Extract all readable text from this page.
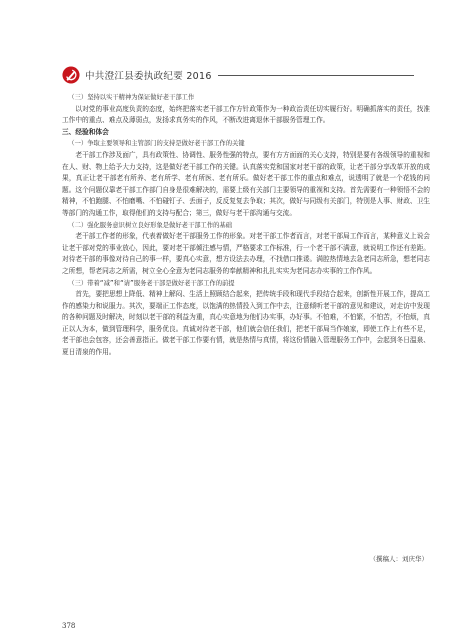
中共澄江县委执政纪要 2016

（三）坚持以实干精神为保证做好老干部工作

以对党的事业高度负责的态度，始终把落实老干部工作方针政策作为一种政治责任切实履行好。明确抓落实的责任，找准工作中的重点、难点及薄弱点，发扬求真务实的作风，不断改进离退休干部服务管理工作。

三、经验和体会

（一）争取主要领导和主管部门的支持是做好老干部工作的关键

老干部工作涉及面广，具有政策性、协调性、服务性强的特点，要有方方面面的关心支持，特别是要有各级领导的重视和在人、财、物上给予大力支持，这是做好老干部工作的关键。认真落实党和国家对老干部的政策，让老干部分享改革开放的成果，真正让老干部老有所养、老有所学、老有所医、老有所乐。做好老干部工作的重点和难点，说透明了就是一个花钱的问题。这个问题仅靠老干部工作部门自身是很难解决的，需要上级有关部门主要领导的重视和支持。首先需要有一种领悟不会的精神，不怕跑腿、不怕磨嘴、不怕碰钉子、丢面子，反反复复去争取；其次，做好与同级有关部门，特别是人事、财政、卫生等部门的沟通工作，取得他们的支持与配合；第三，做好与老干部沟通与交流。

（二）强化服务意识树立良好形象是做好老干部工作的基础

老干部工作者的形象，代表着做好老干部服务工作的形象。对老干部工作者而言，对老干部局工作而言，某种意义上说会让老干部对党的事业放心，因此，要对老干部倾注感与情，严格要求工作标准，行一个老干部不满意，就说明工作还有差距。对待老干部的事像对待自己的事一样，要真心实意，想方设法去办理，不找借口推诿。满腔热情地去急老同志所急，想老同志之所想，帮老同志之所需，树立全心全意为老同志服务的奉献精神和扎扎实实为老同志办实事的工作作风。

（三）带着“减”和“请”服务老干部是做好老干部工作的前提

首先，要把思想上降低、精神上解闷、生活上照顾结合起来，把传统手段和现代手段结合起来，创新性开展工作，提高工作的感染力和说服力。其次，要端正工作态度，以饱满的热情投入到工作中去，注意倾听老干部的意见和建议，对走访中发现的各种问题及时解决，时刻以老干部的利益为重，真心实意地为他们办实事，办好事。不怕难，不怕繁，不怕苦，不怕烦，真正以人为本，做到管理科学，服务优良。真诚对待老干部，他们就会信任我们，把老干部局当作娘家，即使工作上有些不足，老干部也会包容，还会善意指正。做老干部工作要有情，就是热情与真情，将这份情融入管理服务工作中，会起到冬日温泉、夏日清泉的作用。

（撰稿人：刘庆华）
378
